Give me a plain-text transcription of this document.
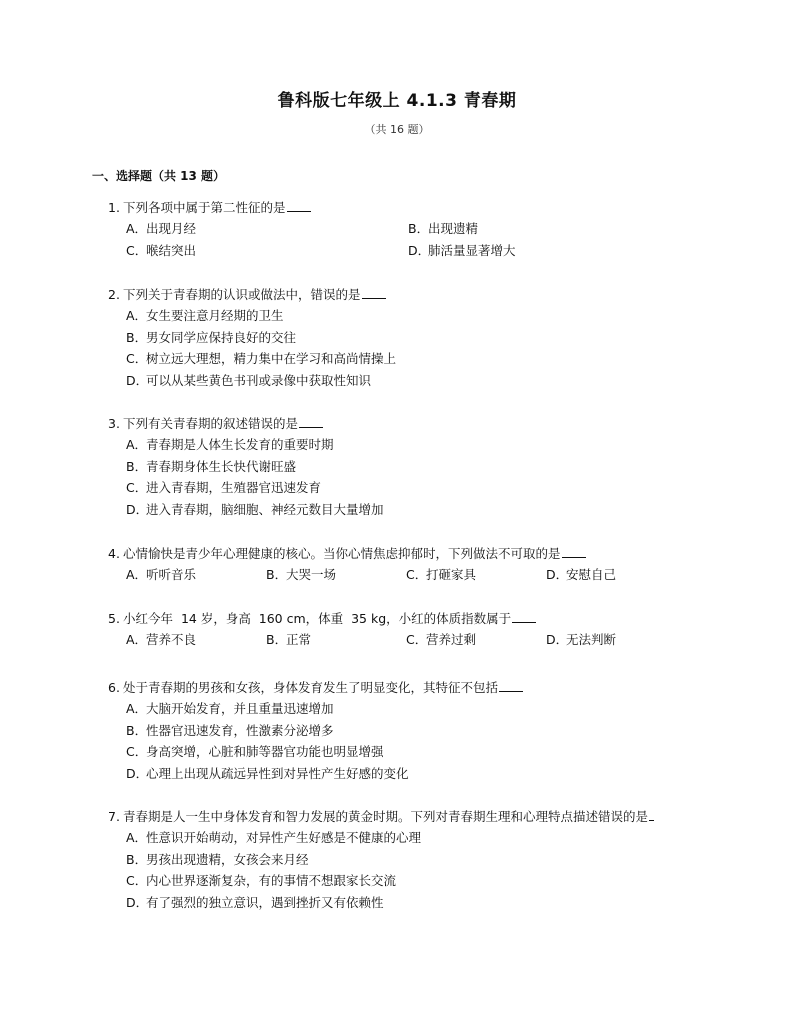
鲁科版七年级上 4.1.3 青春期
（共 16 题）
一、选择题（共 13 题）
1. 下列各项中属于第二性征的是
A．出现月经	B．出现遗精
C．喉结突出	D．肺活量显著增大
2. 下列关于青春期的认识或做法中，错误的是
A．女生要注意月经期的卫生
B．男女同学应保持良好的交往
C．树立远大理想，精力集中在学习和高尚情操上
D．可以从某些黄色书刊或录像中获取性知识
3. 下列有关青春期的叙述错误的是
A．青春期是人体生长发育的重要时期
B．青春期身体生长快代谢旺盛
C．进入青春期，生殖器官迅速发育
D．进入青春期，脑细胞、神经元数目大量增加
4. 心情愉快是青少年心理健康的核心。当你心情焦虑抑郁时，下列做法不可取的是
A．听听音乐	B．大哭一场	C．打砸家具	D．安慰自己
5. 小红今年  14 岁，身高  160 cm，体重  35 kg，小红的体质指数属于
A．营养不良	B．正常	C．营养过剩	D．无法判断
6. 处于青春期的男孩和女孩，身体发育发生了明显变化，其特征不包括
A．大脑开始发育，并且重量迅速增加
B．性器官迅速发育，性激素分泌增多
C．身高突增，心脏和肺等器官功能也明显增强
D．心理上出现从疏远异性到对异性产生好感的变化
7. 青春期是人一生中身体发育和智力发展的黄金时期。下列对青春期生理和心理特点描述错误的是
A．性意识开始萌动，对异性产生好感是不健康的心理
B．男孩出现遗精，女孩会来月经
C．内心世界逐渐复杂，有的事情不想跟家长交流
D．有了强烈的独立意识，遇到挫折又有依赖性
